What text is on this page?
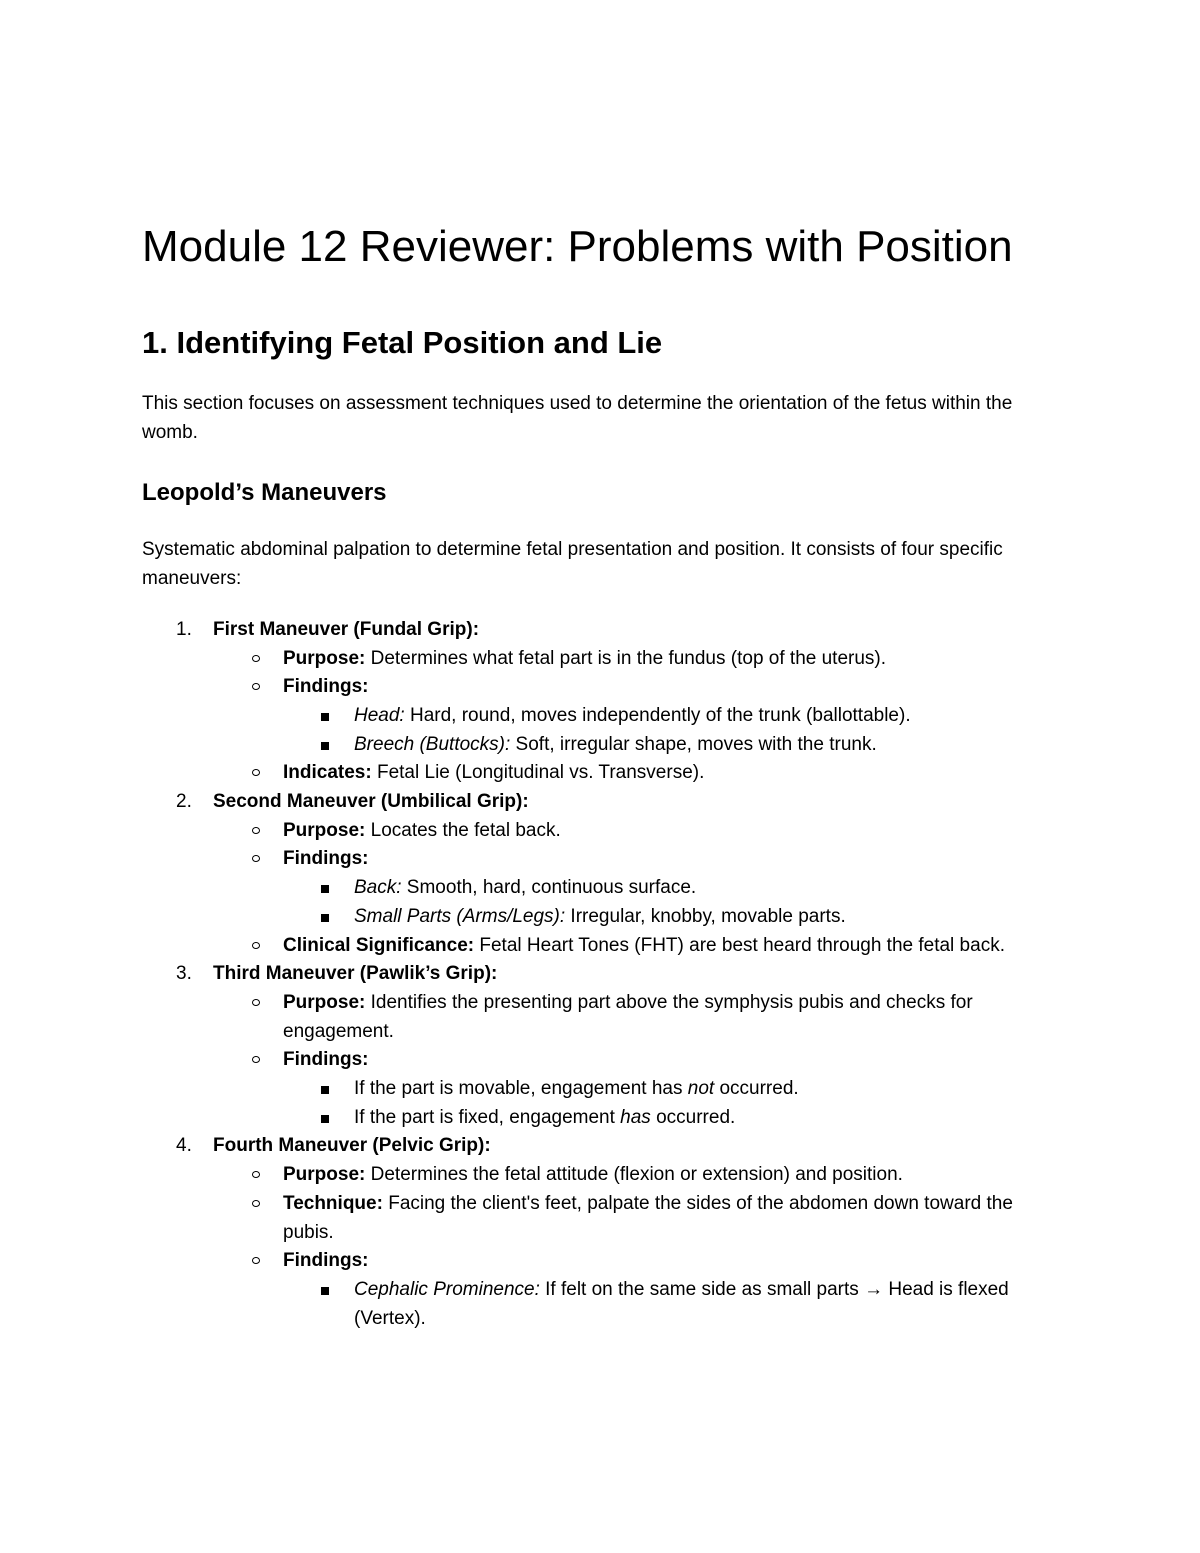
Module 12 Reviewer: Problems with Position
1. Identifying Fetal Position and Lie

This section focuses on assessment techniques used to determine the orientation of the fetus within the womb.

Leopold’s Maneuvers

Systematic abdominal palpation to determine fetal presentation and position. It consists of four specific maneuvers:

1. First Maneuver (Fundal Grip):
Purpose: Determines what fetal part is in the fundus (top of the uterus).
Findings:
Head: Hard, round, moves independently of the trunk (ballottable).
Breech (Buttocks): Soft, irregular shape, moves with the trunk.
Indicates: Fetal Lie (Longitudinal vs. Transverse).
2. Second Maneuver (Umbilical Grip):
Purpose: Locates the fetal back.
Findings:
Back: Smooth, hard, continuous surface.
Small Parts (Arms/Legs): Irregular, knobby, movable parts.
Clinical Significance: Fetal Heart Tones (FHT) are best heard through the fetal back.
3. Third Maneuver (Pawlik’s Grip):
Purpose: Identifies the presenting part above the symphysis pubis and checks for engagement.
Findings:
If the part is movable, engagement has not occurred.
If the part is fixed, engagement has occurred.
4. Fourth Maneuver (Pelvic Grip):
Purpose: Determines the fetal attitude (flexion or extension) and position.
Technique: Facing the client's feet, palpate the sides of the abdomen down toward the pubis.
Findings:
Cephalic Prominence: If felt on the same side as small parts → Head is flexed (Vertex).
